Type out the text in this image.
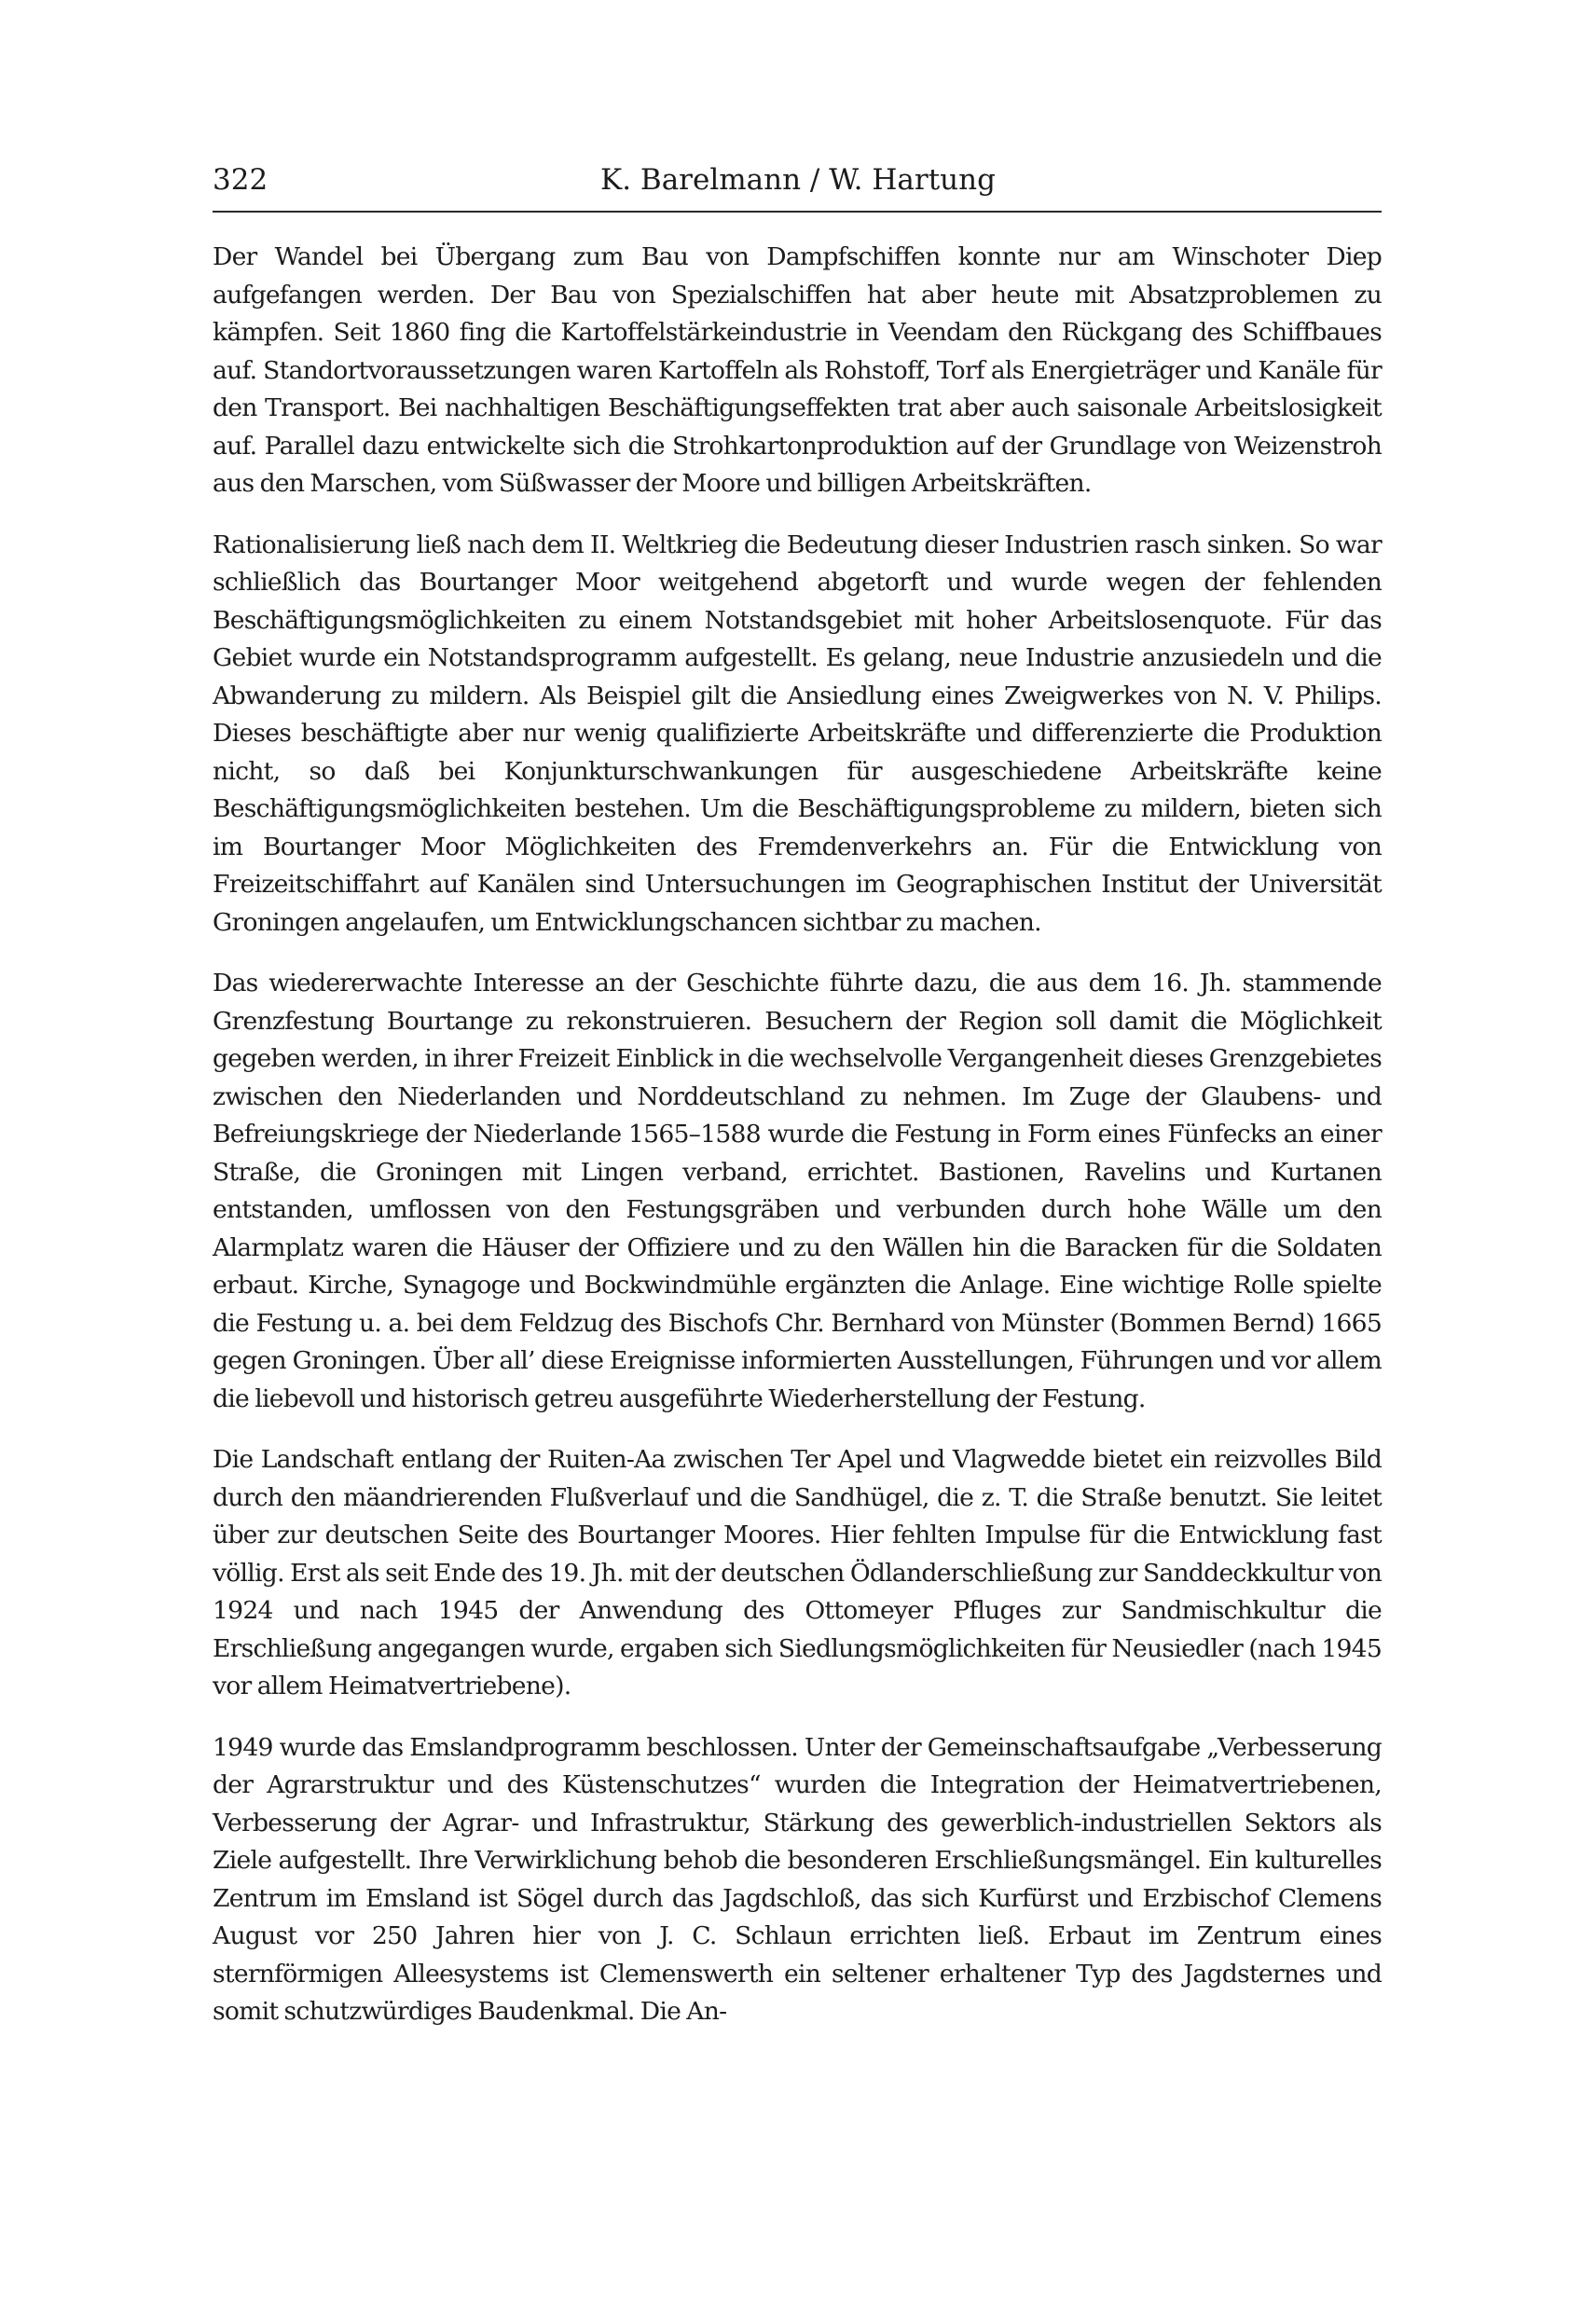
322	K. Barelmann / W. Hartung

Der Wandel bei Übergang zum Bau von Dampfschiffen konnte nur am Winschoter Diep aufgefangen werden. Der Bau von Spezialschiffen hat aber heute mit Absatzproblemen zu kämpfen. Seit 1860 fing die Kartoffelstärkeindustrie in Veendam den Rückgang des Schiffbaues auf. Standortvoraussetzungen waren Kartoffeln als Rohstoff, Torf als Energieträger und Kanäle für den Transport. Bei nachhaltigen Beschäftigungseffekten trat aber auch saisonale Arbeitslosigkeit auf. Parallel dazu entwickelte sich die Strohkartonproduktion auf der Grundlage von Weizenstroh aus den Marschen, vom Süßwasser der Moore und billigen Arbeitskräften.

Rationalisierung ließ nach dem II. Weltkrieg die Bedeutung dieser Industrien rasch sinken. So war schließlich das Bourtanger Moor weitgehend abgetorft und wurde wegen der fehlenden Beschäftigungsmöglichkeiten zu einem Notstandsgebiet mit hoher Arbeitslosenquote. Für das Gebiet wurde ein Notstandsprogramm aufgestellt. Es gelang, neue Industrie anzusiedeln und die Abwanderung zu mildern. Als Beispiel gilt die Ansiedlung eines Zweigwerkes von N. V. Philips. Dieses beschäftigte aber nur wenig qualifizierte Arbeitskräfte und differenzierte die Produktion nicht, so daß bei Konjunkturschwankungen für ausgeschiedene Arbeitskräfte keine Beschäftigungsmöglichkeiten bestehen. Um die Beschäftigungsprobleme zu mildern, bieten sich im Bourtanger Moor Möglichkeiten des Fremdenverkehrs an. Für die Entwicklung von Freizeitschiffahrt auf Kanälen sind Untersuchungen im Geographischen Institut der Universität Groningen angelaufen, um Entwicklungschancen sichtbar zu machen.

Das wiedererwachte Interesse an der Geschichte führte dazu, die aus dem 16. Jh. stammende Grenzfestung Bourtange zu rekonstruieren. Besuchern der Region soll damit die Möglichkeit gegeben werden, in ihrer Freizeit Einblick in die wechselvolle Vergangenheit dieses Grenzgebietes zwischen den Niederlanden und Norddeutschland zu nehmen. Im Zuge der Glaubens- und Befreiungskriege der Niederlande 1565–1588 wurde die Festung in Form eines Fünfecks an einer Straße, die Groningen mit Lingen verband, errichtet. Bastionen, Ravelins und Kurtanen entstanden, umflossen von den Festungsgräben und verbunden durch hohe Wälle um den Alarmplatz waren die Häuser der Offiziere und zu den Wällen hin die Baracken für die Soldaten erbaut. Kirche, Synagoge und Bockwindmühle ergänzten die Anlage. Eine wichtige Rolle spielte die Festung u. a. bei dem Feldzug des Bischofs Chr. Bernhard von Münster (Bommen Bernd) 1665 gegen Groningen. Über all’ diese Ereignisse informierten Ausstellungen, Führungen und vor allem die liebevoll und historisch getreu ausgeführte Wiederherstellung der Festung.

Die Landschaft entlang der Ruiten-Aa zwischen Ter Apel und Vlagwedde bietet ein reizvolles Bild durch den mäandrierenden Flußverlauf und die Sandhügel, die z. T. die Straße benutzt. Sie leitet über zur deutschen Seite des Bourtanger Moores. Hier fehlten Impulse für die Entwicklung fast völlig. Erst als seit Ende des 19. Jh. mit der deutschen Ödlanderschließung zur Sanddeckkultur von 1924 und nach 1945 der Anwendung des Ottomeyer Pfluges zur Sandmischkultur die Erschließung angegangen wurde, ergaben sich Siedlungsmöglichkeiten für Neusiedler (nach 1945 vor allem Heimatvertriebene).

1949 wurde das Emslandprogramm beschlossen. Unter der Gemeinschaftsaufgabe „Verbesserung der Agrarstruktur und des Küstenschutzes“ wurden die Integration der Heimatvertriebenen, Verbesserung der Agrar- und Infrastruktur, Stärkung des gewerblich-industriellen Sektors als Ziele aufgestellt. Ihre Verwirklichung behob die besonderen Erschließungsmängel. Ein kulturelles Zentrum im Emsland ist Sögel durch das Jagdschloß, das sich Kurfürst und Erzbischof Clemens August vor 250 Jahren hier von J. C. Schlaun errichten ließ. Erbaut im Zentrum eines sternförmigen Alleesystems ist Clemenswerth ein seltener erhaltener Typ des Jagdsternes und somit schutzwürdiges Baudenkmal. Die An-
